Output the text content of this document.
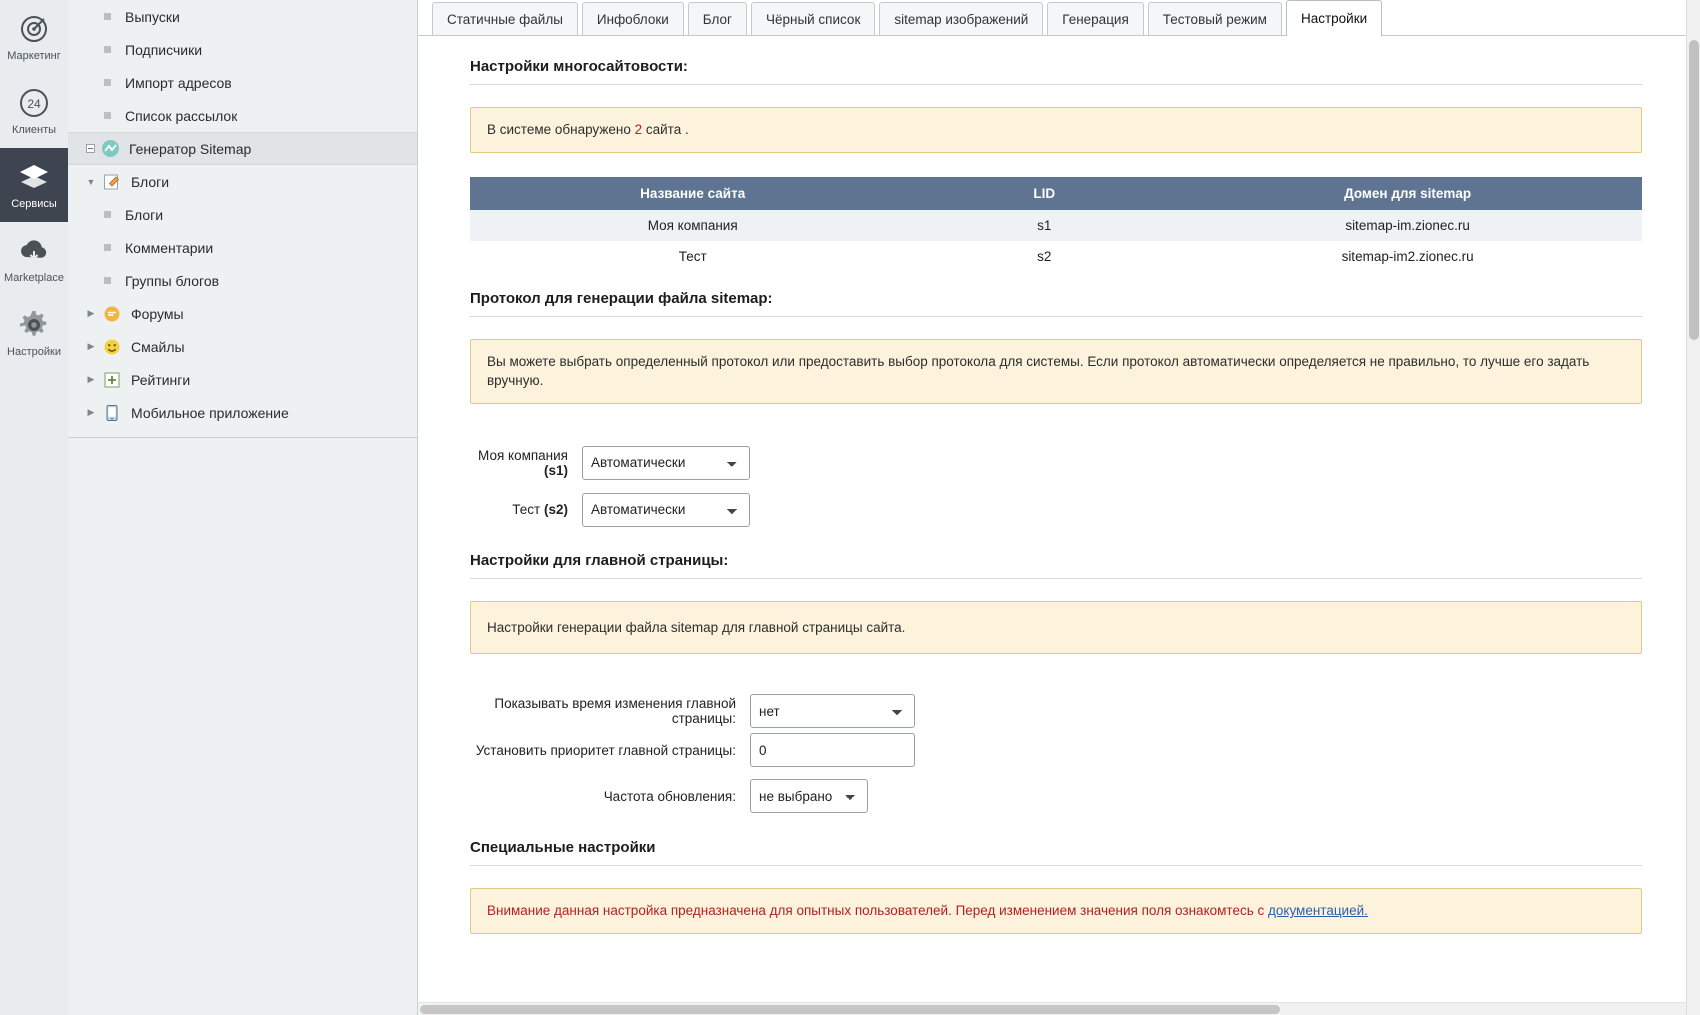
Маркетинг
24
Клиенты
Сервисы
Marketplace
Настройки
Выпуски
Подписчики
Импорт адресов
Список рассылок
Генератор Sitemap
▼	Блоги
Блоги
Комментарии
Группы блогов
▶	Форумы
▶	Смайлы
▶	Рейтинги
▶	Мобильное приложение
Статичные файлы	Инфоблоки	Блог	Чёрный список	sitemap изображений	Генерация	Тестовый режим	Настройки
Настройки многосайтовости:
В системе обнаружено 2 сайта .
Название сайта	LID	Домен для sitemap
Моя компания	s1	sitemap-im.zionec.ru
Тест	s2	sitemap-im2.zionec.ru
Протокол для генерации файла sitemap:
Вы можете выбрать определенный протокол или предоставить выбор протокола для системы. Если протокол автоматически определяется не правильно, то лучше его задать вручную.
Моя компания (s1)
Автоматически
Тест (s2)
Автоматически
Настройки для главной страницы:
Настройки генерации файла sitemap для главной страницы сайта.
Показывать время изменения главной страницы:
нет
Установить приоритет главной страницы:
0
Частота обновления:
не выбрано
Специальные настройки
Внимание данная настройка предназначена для опытных пользователей. Перед изменением значения поля ознакомтесь с документацией.
